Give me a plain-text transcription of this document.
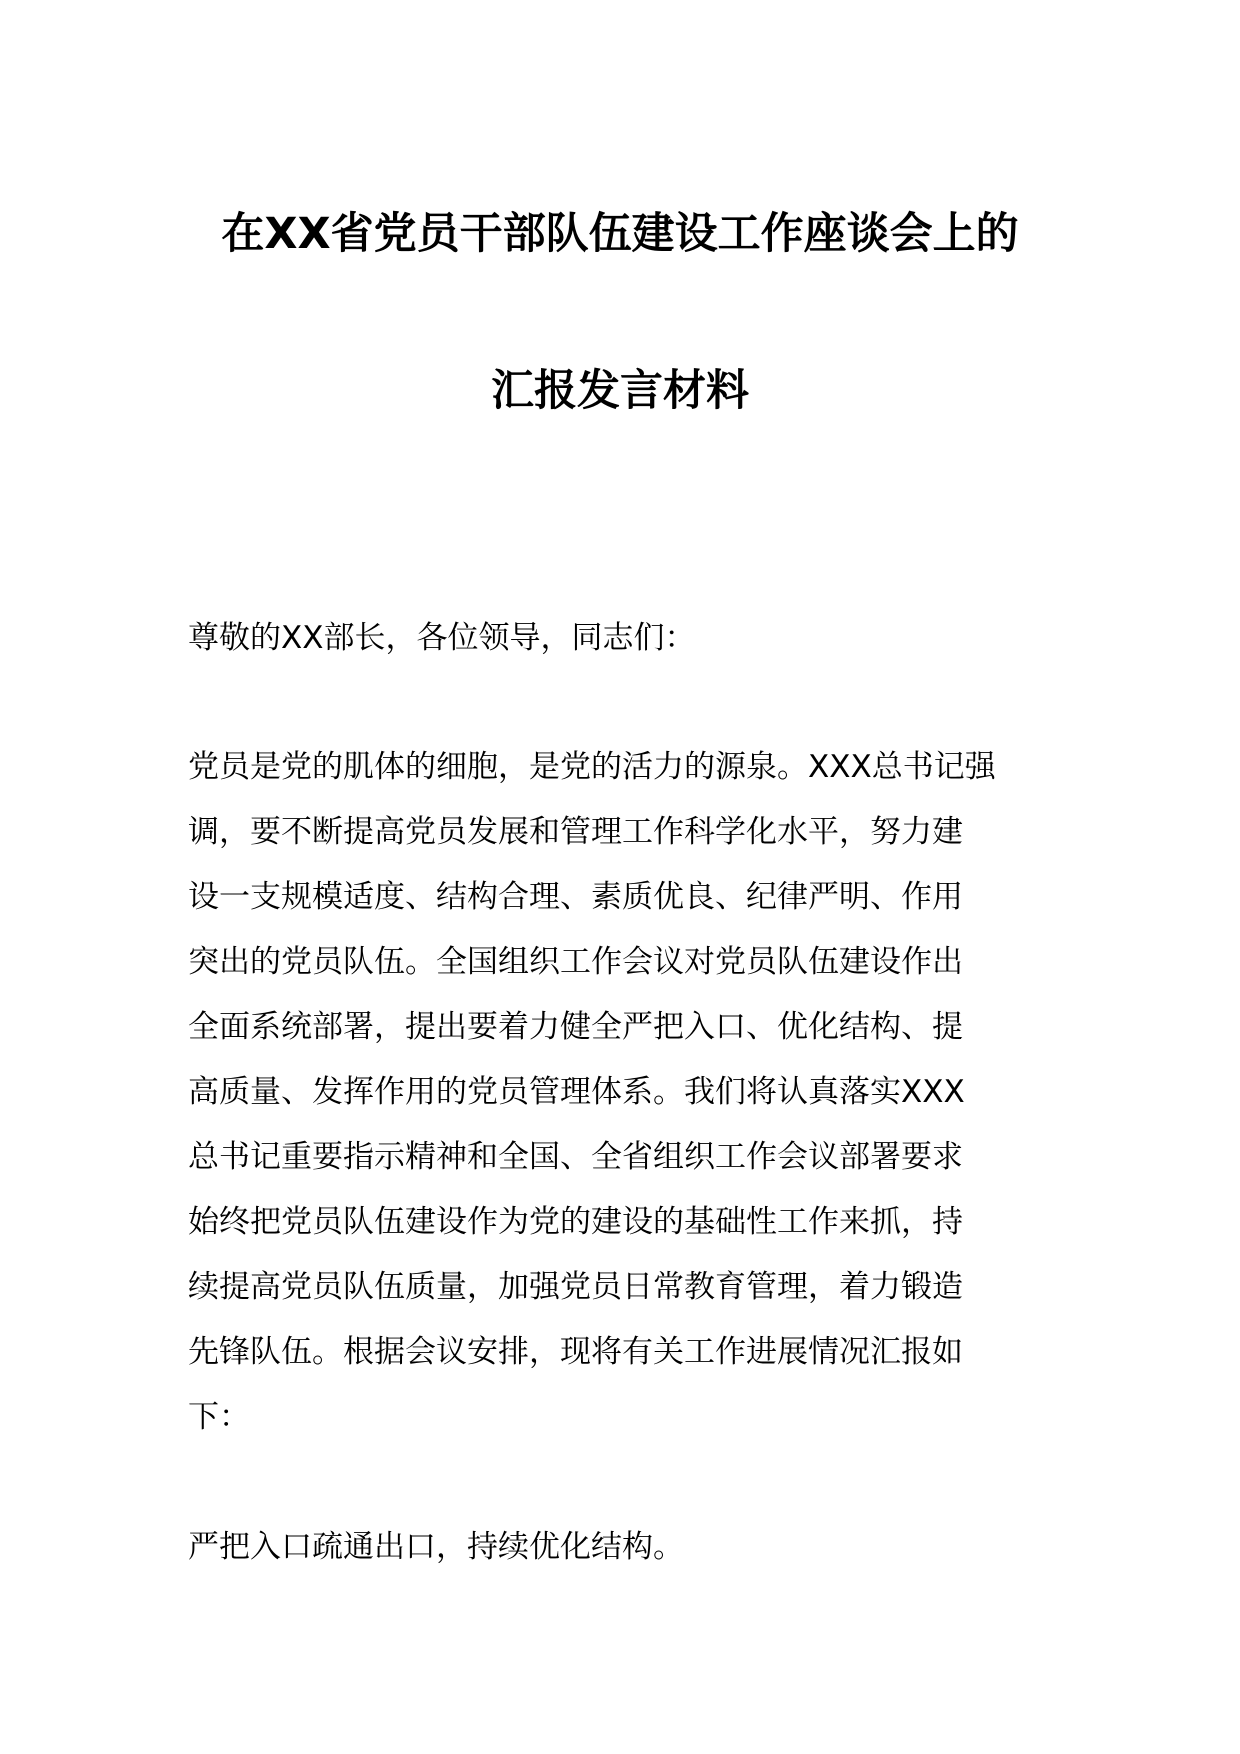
在XX省党员干部队伍建设工作座谈会上的
汇报发言材料
尊敬的XX部长，各位领导，同志们：
党员是党的肌体的细胞，是党的活力的源泉。XXX总书记强
调，要不断提高党员发展和管理工作科学化水平，努力建
设一支规模适度、结构合理、素质优良、纪律严明、作用
突出的党员队伍。全国组织工作会议对党员队伍建设作出
全面系统部署，提出要着力健全严把入口、优化结构、提
高质量、发挥作用的党员管理体系。我们将认真落实XXX
总书记重要指示精神和全国、全省组织工作会议部署要求
始终把党员队伍建设作为党的建设的基础性工作来抓，持
续提高党员队伍质量，加强党员日常教育管理，着力锻造
先锋队伍。根据会议安排，现将有关工作进展情况汇报如
下：
严把入口疏通出口，持续优化结构。
